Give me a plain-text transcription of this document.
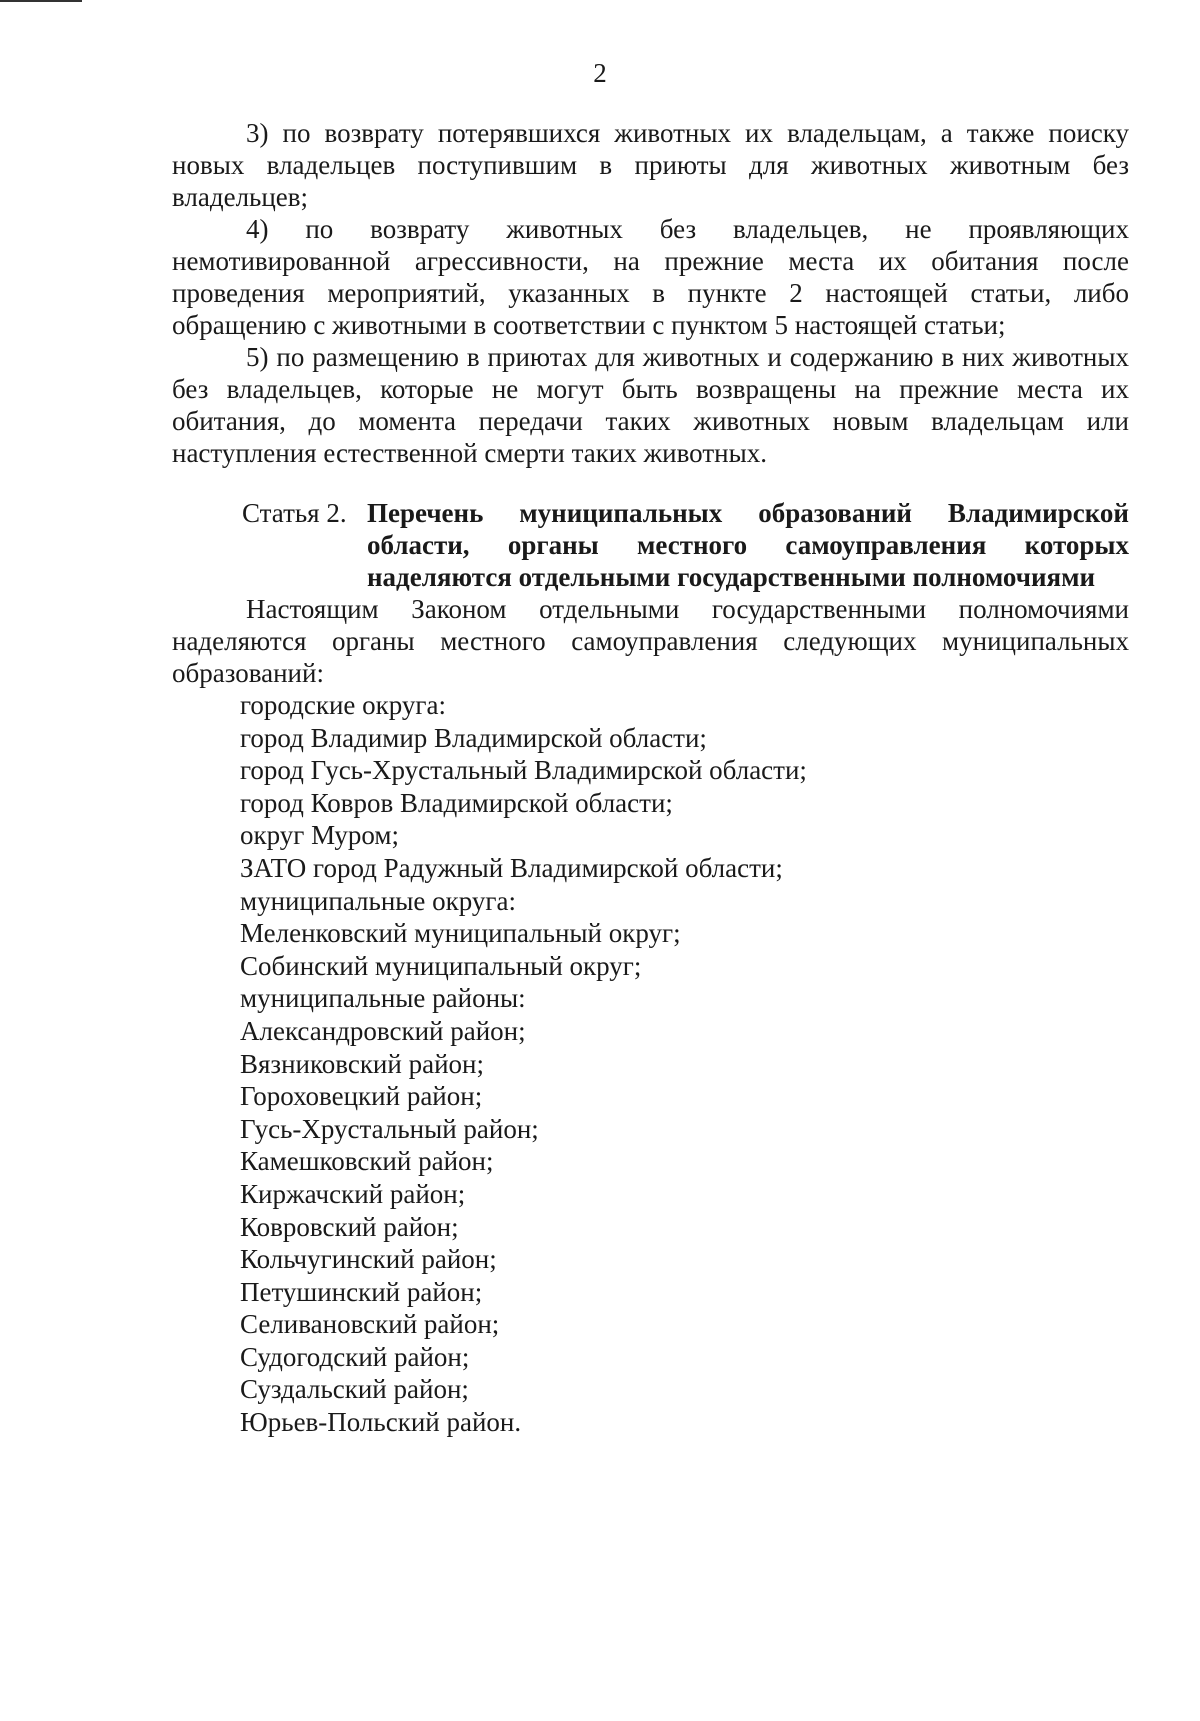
2

3) по возврату потерявшихся животных их владельцам, а также поиску новых владельцев поступившим в приюты для животных животным без владельцев;

4) по возврату животных без владельцев, не проявляющих немотивированной агрессивности, на прежние места их обитания после проведения мероприятий, указанных в пункте 2 настоящей статьи, либо обращению с животными в соответствии с пунктом 5 настоящей статьи;

5) по размещению в приютах для животных и содержанию в них животных без владельцев, которые не могут быть возвращены на прежние места их обитания, до момента передачи таких животных новым владельцам или наступления естественной смерти таких животных.

Статья 2. Перечень муниципальных образований Владимирской области, органы местного самоуправления которых
наделяются отдельными государственными полномочиями

Настоящим Законом отдельными государственными полномочиями наделяются органы местного самоуправления следующих муниципальных образований:

городские округа:
город Владимир Владимирской области;
город Гусь-Хрустальный Владимирской области;
город Ковров Владимирской области;
округ Муром;
ЗАТО город Радужный Владимирской области;
муниципальные округа:
Меленковский муниципальный округ;
Собинский муниципальный округ;
муниципальные районы:
Александровский район;
Вязниковский район;
Гороховецкий район;
Гусь-Хрустальный район;
Камешковский район;
Киржачский район;
Ковровский район;
Кольчугинский район;
Петушинский район;
Селивановский район;
Судогодский район;
Суздальский район;
Юрьев-Польский район.
